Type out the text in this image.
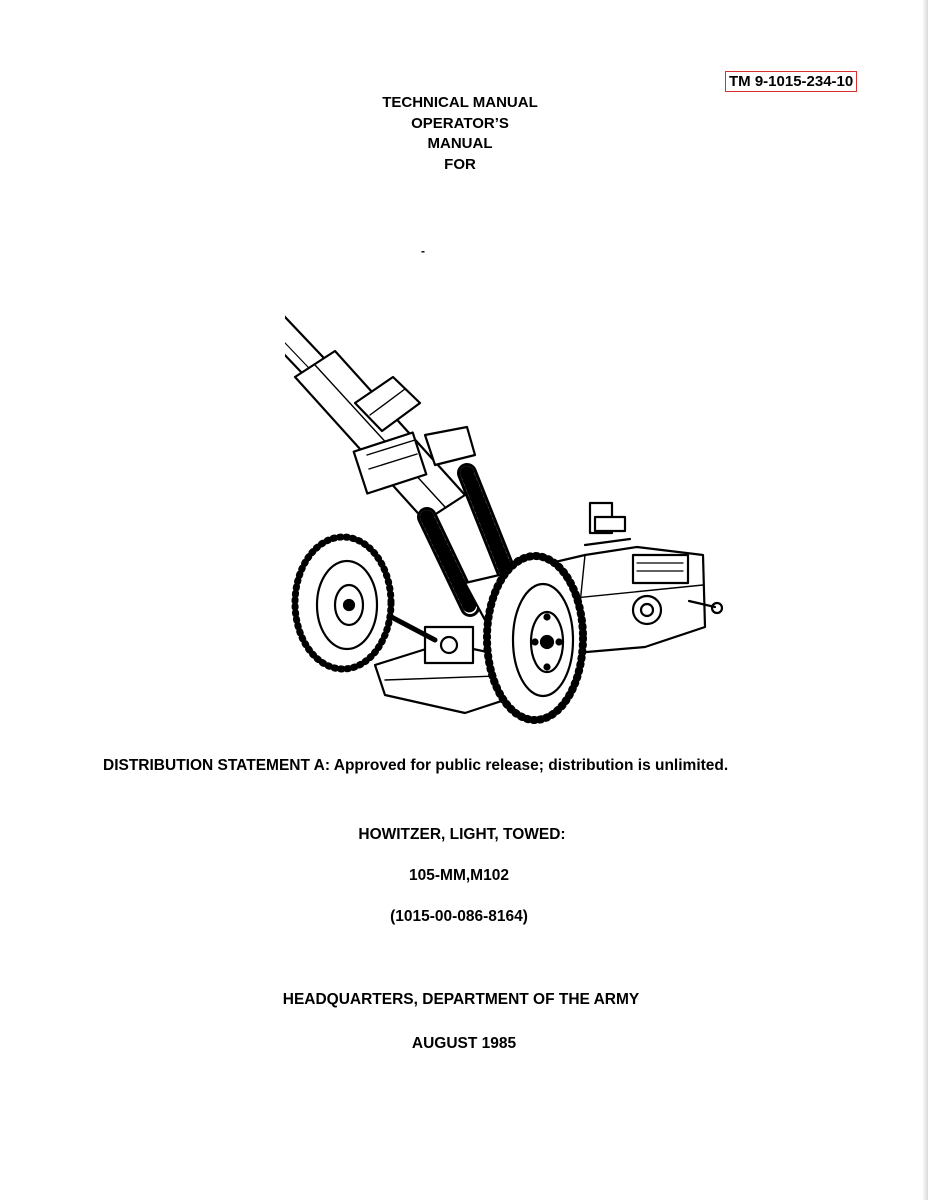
TM 9-1015-234-10
TECHNICAL MANUAL
OPERATOR’S
MANUAL
FOR
-
DISTRIBUTION STATEMENT A: Approved for public release; distribution is unlimited.
HOWITZER, LIGHT, TOWED:
105-MM,M102
(1015-00-086-8164)
HEADQUARTERS, DEPARTMENT OF THE ARMY
AUGUST 1985
